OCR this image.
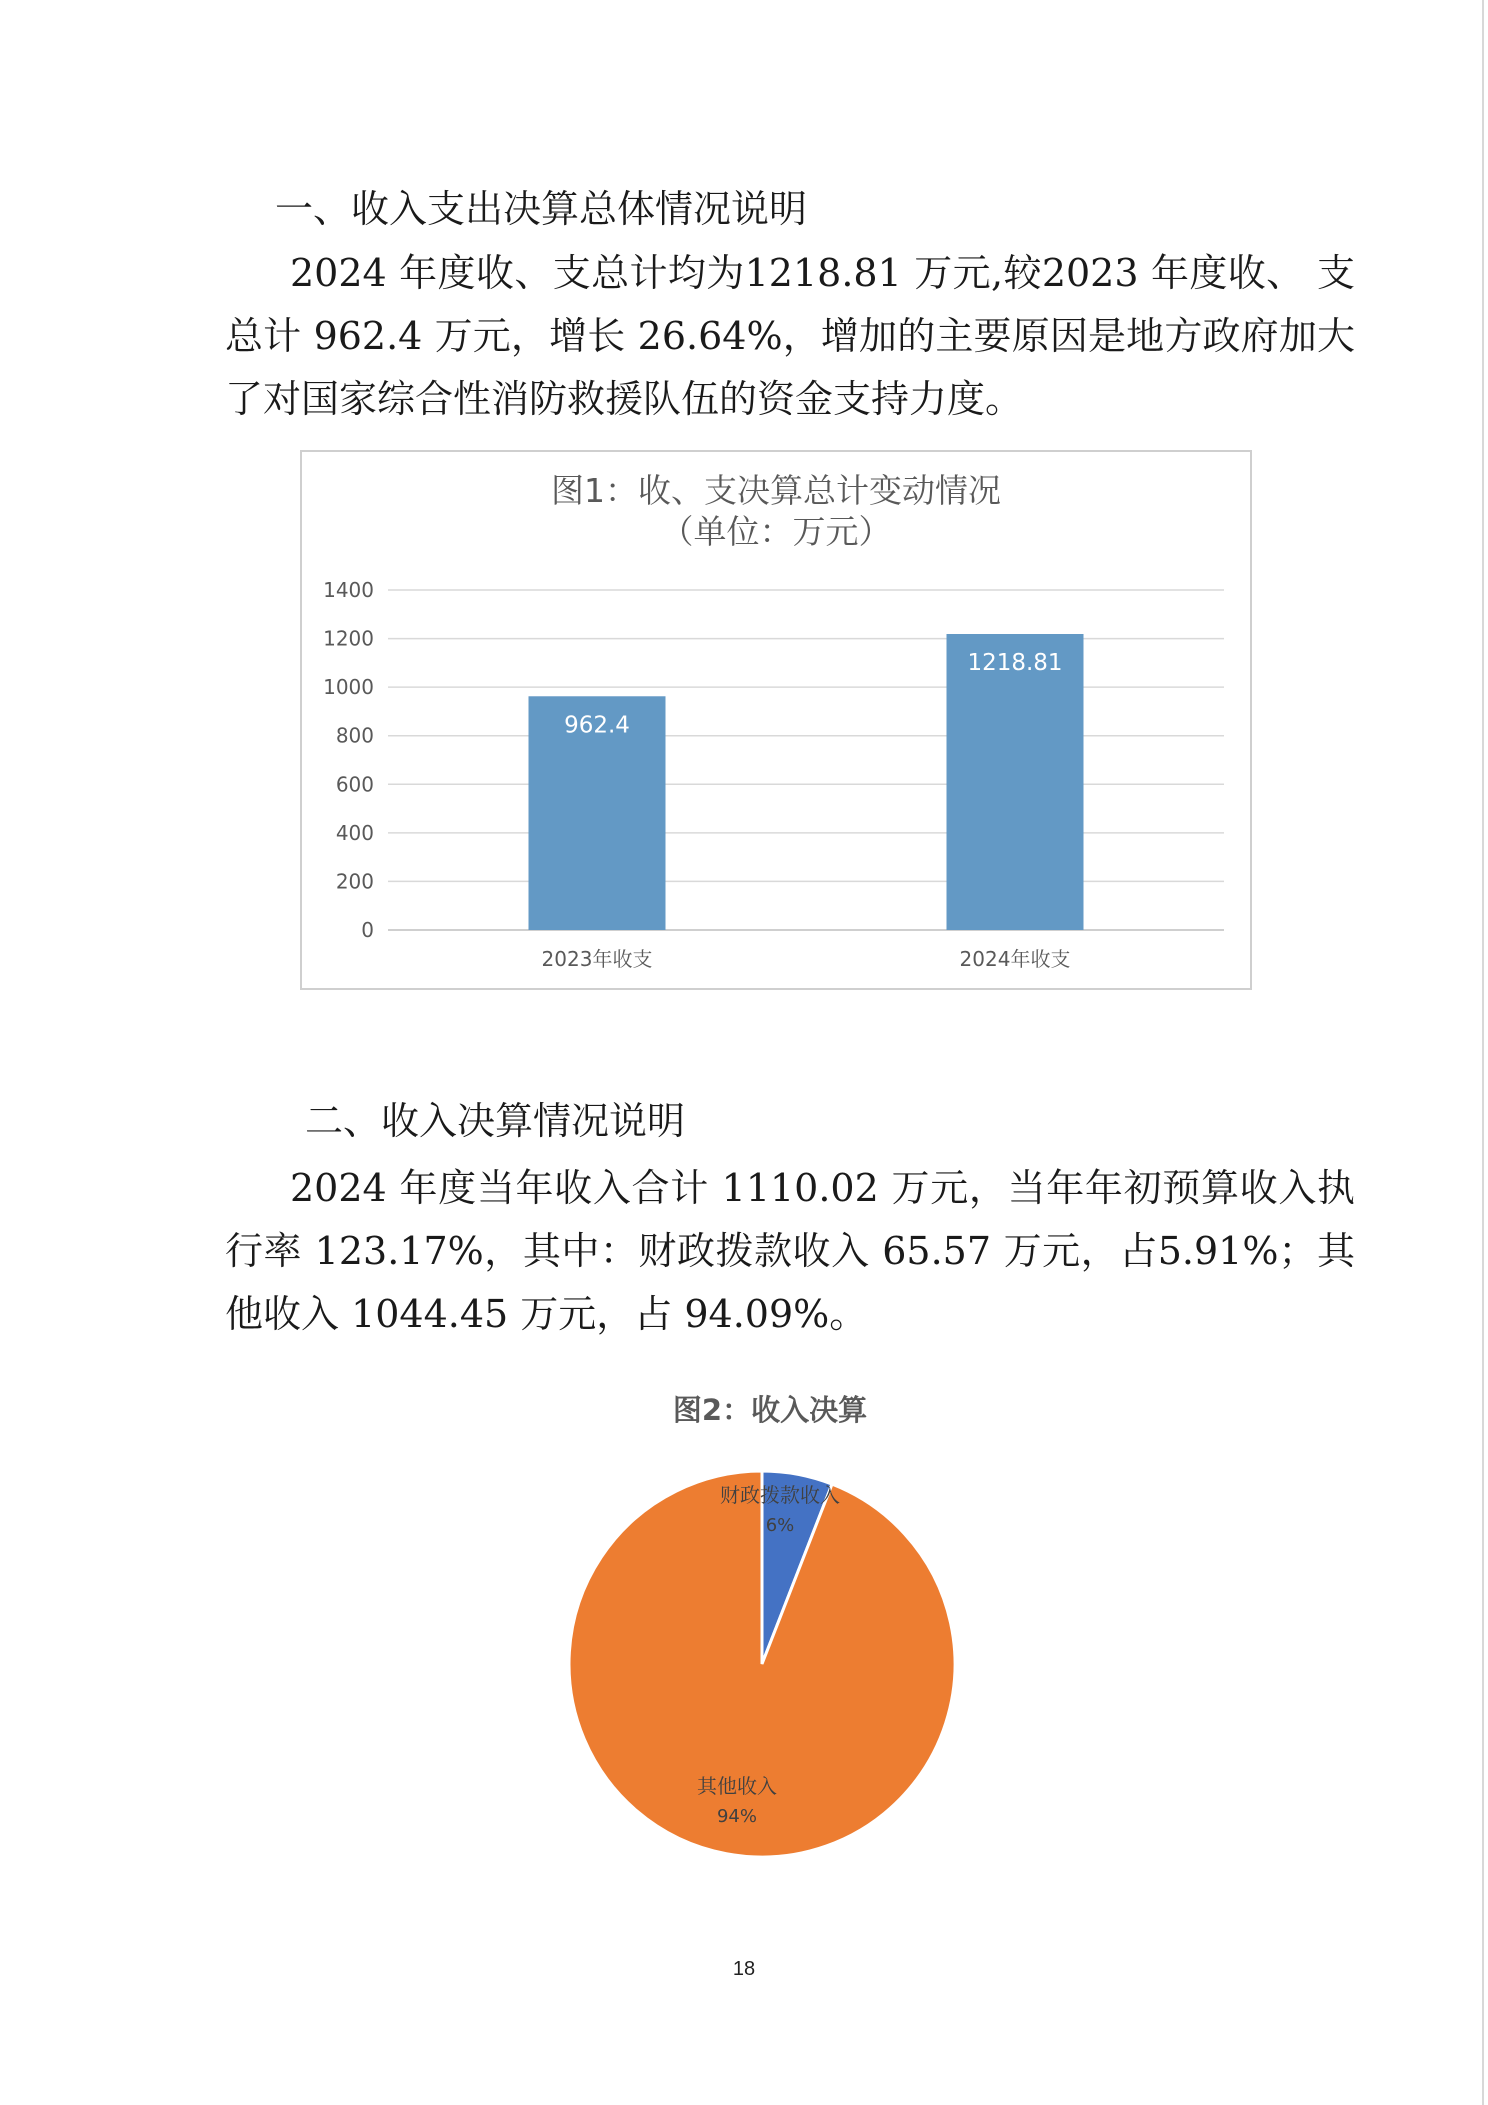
一、收入支出决算总体情况说明
2024 年度收、支总计均为1218.81 万元,较2023 年度收、 支总计 962.4 万元，增长 26.64%，增加的主要原因是地方政府加大了对国家综合性消防救援队伍的资金支持力度。
图1：收、支决算总计变动情况
（单位：万元）
0
200
400
600
800
1000
1200
1400
962.4
2023年收支
1218.81
2024年收支
二、收入决算情况说明
2024 年度当年收入合计 1110.02 万元，当年年初预算收入执行率 123.17%，其中：财政拨款收入 65.57 万元，占5.91%；其他收入 1044.45 万元，占 94.09%。
图2：收入决算
财政拨款收入
6%
其他收入
94%
18
